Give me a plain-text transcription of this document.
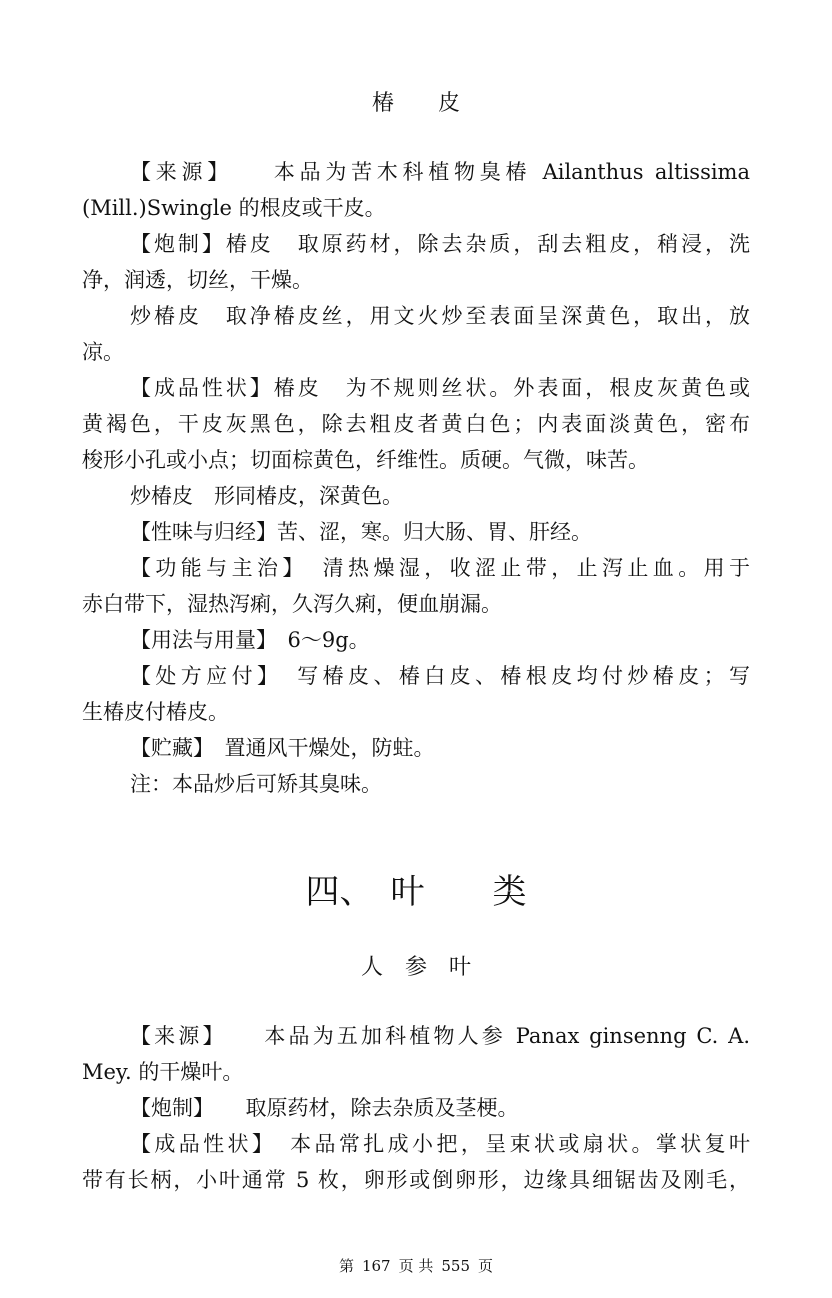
椿　　皮
【来源】　　本品为苦木科植物臭椿 Ailanthus altissima
(Mill.)Swingle 的根皮或干皮。
【炮制】椿皮　取原药材，除去杂质，刮去粗皮，稍浸，洗
净，润透，切丝，干燥。
炒椿皮　取净椿皮丝，用文火炒至表面呈深黄色，取出，放
凉。
【成品性状】椿皮　为不规则丝状。外表面，根皮灰黄色或
黄褐色，干皮灰黑色，除去粗皮者黄白色；内表面淡黄色，密布
梭形小孔或小点；切面棕黄色，纤维性。质硬。气微，味苦。
炒椿皮　形同椿皮，深黄色。
【性味与归经】苦、涩，寒。归大肠、胃、肝经。
【功能与主治】　清热燥湿，收涩止带，止泻止血。用于
赤白带下，湿热泻痢，久泻久痢，便血崩漏。
【用法与用量】　6～9g。
【处方应付】　写椿皮、椿白皮、椿根皮均付炒椿皮；写
生椿皮付椿皮。
【贮藏】　置通风干燥处，防蛀。
注：本品炒后可矫其臭味。
四、　叶　　类
人　参　叶
【来源】　　本品为五加科植物人参 Panax ginsenng C. A.
Mey. 的干燥叶。
【炮制】　　取原药材，除去杂质及茎梗。
【成品性状】　本品常扎成小把，呈束状或扇状。掌状复叶
带有长柄，小叶通常 5 枚，卵形或倒卵形，边缘具细锯齿及刚毛，
第 167 页 共 555 页
